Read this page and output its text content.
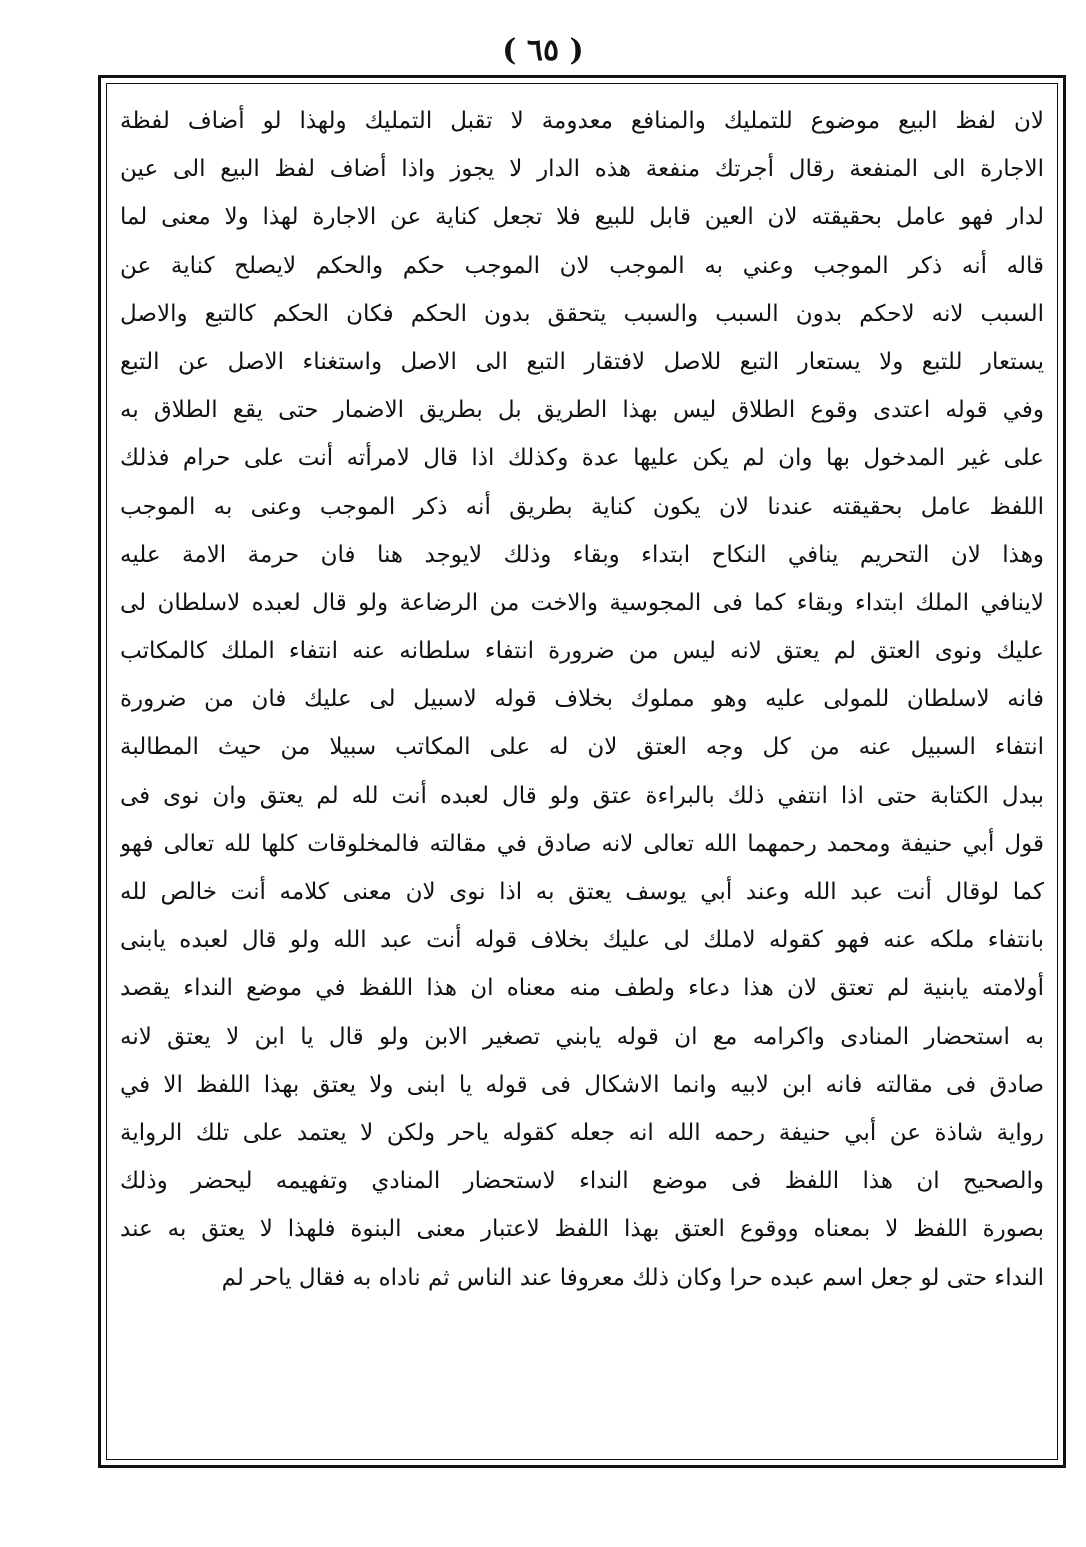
( ٦٥ )
لان لفظ البيع موضوع للتمليك والمنافع معدومة لا تقبل التمليك ولهذا لو أضاف لفظة
الاجارة الى المنفعة رقال أجرتك منفعة هذه الدار لا يجوز واذا أضاف لفظ البيع الى عين
لدار فهو عامل بحقيقته لان العين قابل للبيع فلا تجعل كناية عن الاجارة لهذا ولا معنى لما
قاله أنه ذكر الموجب وعني به الموجب لان الموجب حكم والحكم لايصلح كناية عن
السبب لانه لاحكم بدون السبب والسبب يتحقق بدون الحكم فكان الحكم كالتبع والاصل
يستعار للتبع ولا يستعار التبع للاصل لافتقار التبع الى الاصل واستغناء الاصل عن التبع
وفي قوله اعتدى وقوع الطلاق ليس بهذا الطريق بل بطريق الاضمار حتى يقع الطلاق به
على غير المدخول بها وان لم يكن عليها عدة وكذلك اذا قال لامرأته أنت على حرام فذلك
اللفظ عامل بحقيقته عندنا لان يكون كناية بطريق أنه ذكر الموجب وعنى به الموجب
وهذا لان التحريم ينافي النكاح ابتداء وبقاء وذلك لايوجد هنا فان حرمة الامة عليه
لاينافي الملك ابتداء وبقاء كما فى المجوسية والاخت من الرضاعة ولو قال لعبده لاسلطان لى
عليك ونوى العتق لم يعتق لانه ليس من ضرورة انتفاء سلطانه عنه انتفاء الملك كالمكاتب
فانه لاسلطان للمولى عليه وهو مملوك بخلاف قوله لاسبيل لى عليك فان من ضرورة
انتفاء السبيل عنه من كل وجه العتق لان له على المكاتب سبيلا من حيث المطالبة
ببدل الكتابة حتى اذا انتفي ذلك بالبراءة عتق ولو قال لعبده أنت لله لم يعتق وان نوى فى
قول أبي حنيفة ومحمد رحمهما الله تعالى لانه صادق في مقالته فالمخلوقات كلها لله تعالى فهو
كما لوقال أنت عبد الله وعند أبي يوسف يعتق به اذا نوى لان معنى كلامه أنت خالص لله
بانتفاء ملكه عنه فهو كقوله لاملك لى عليك بخلاف قوله أنت عبد الله ولو قال لعبده يابنى
أولامته يابنية لم تعتق لان هذا دعاء ولطف منه معناه ان هذا اللفظ في موضع النداء يقصد
به استحضار المنادى واكرامه مع ان قوله يابني تصغير الابن ولو قال يا ابن لا يعتق لانه
صادق فى مقالته فانه ابن لابيه وانما الاشكال فى قوله يا ابنى ولا يعتق بهذا اللفظ الا في
رواية شاذة عن أبي حنيفة رحمه الله انه جعله كقوله ياحر ولكن لا يعتمد على تلك الرواية
والصحيح ان هذا اللفظ فى موضع النداء لاستحضار المنادي وتفهيمه ليحضر وذلك
بصورة اللفظ لا بمعناه ووقوع العتق بهذا اللفظ لاعتبار معنى البنوة فلهذا لا يعتق به عند
النداء حتى لو جعل اسم عبده حرا وكان ذلك معروفا عند الناس ثم ناداه به فقال ياحر لم
